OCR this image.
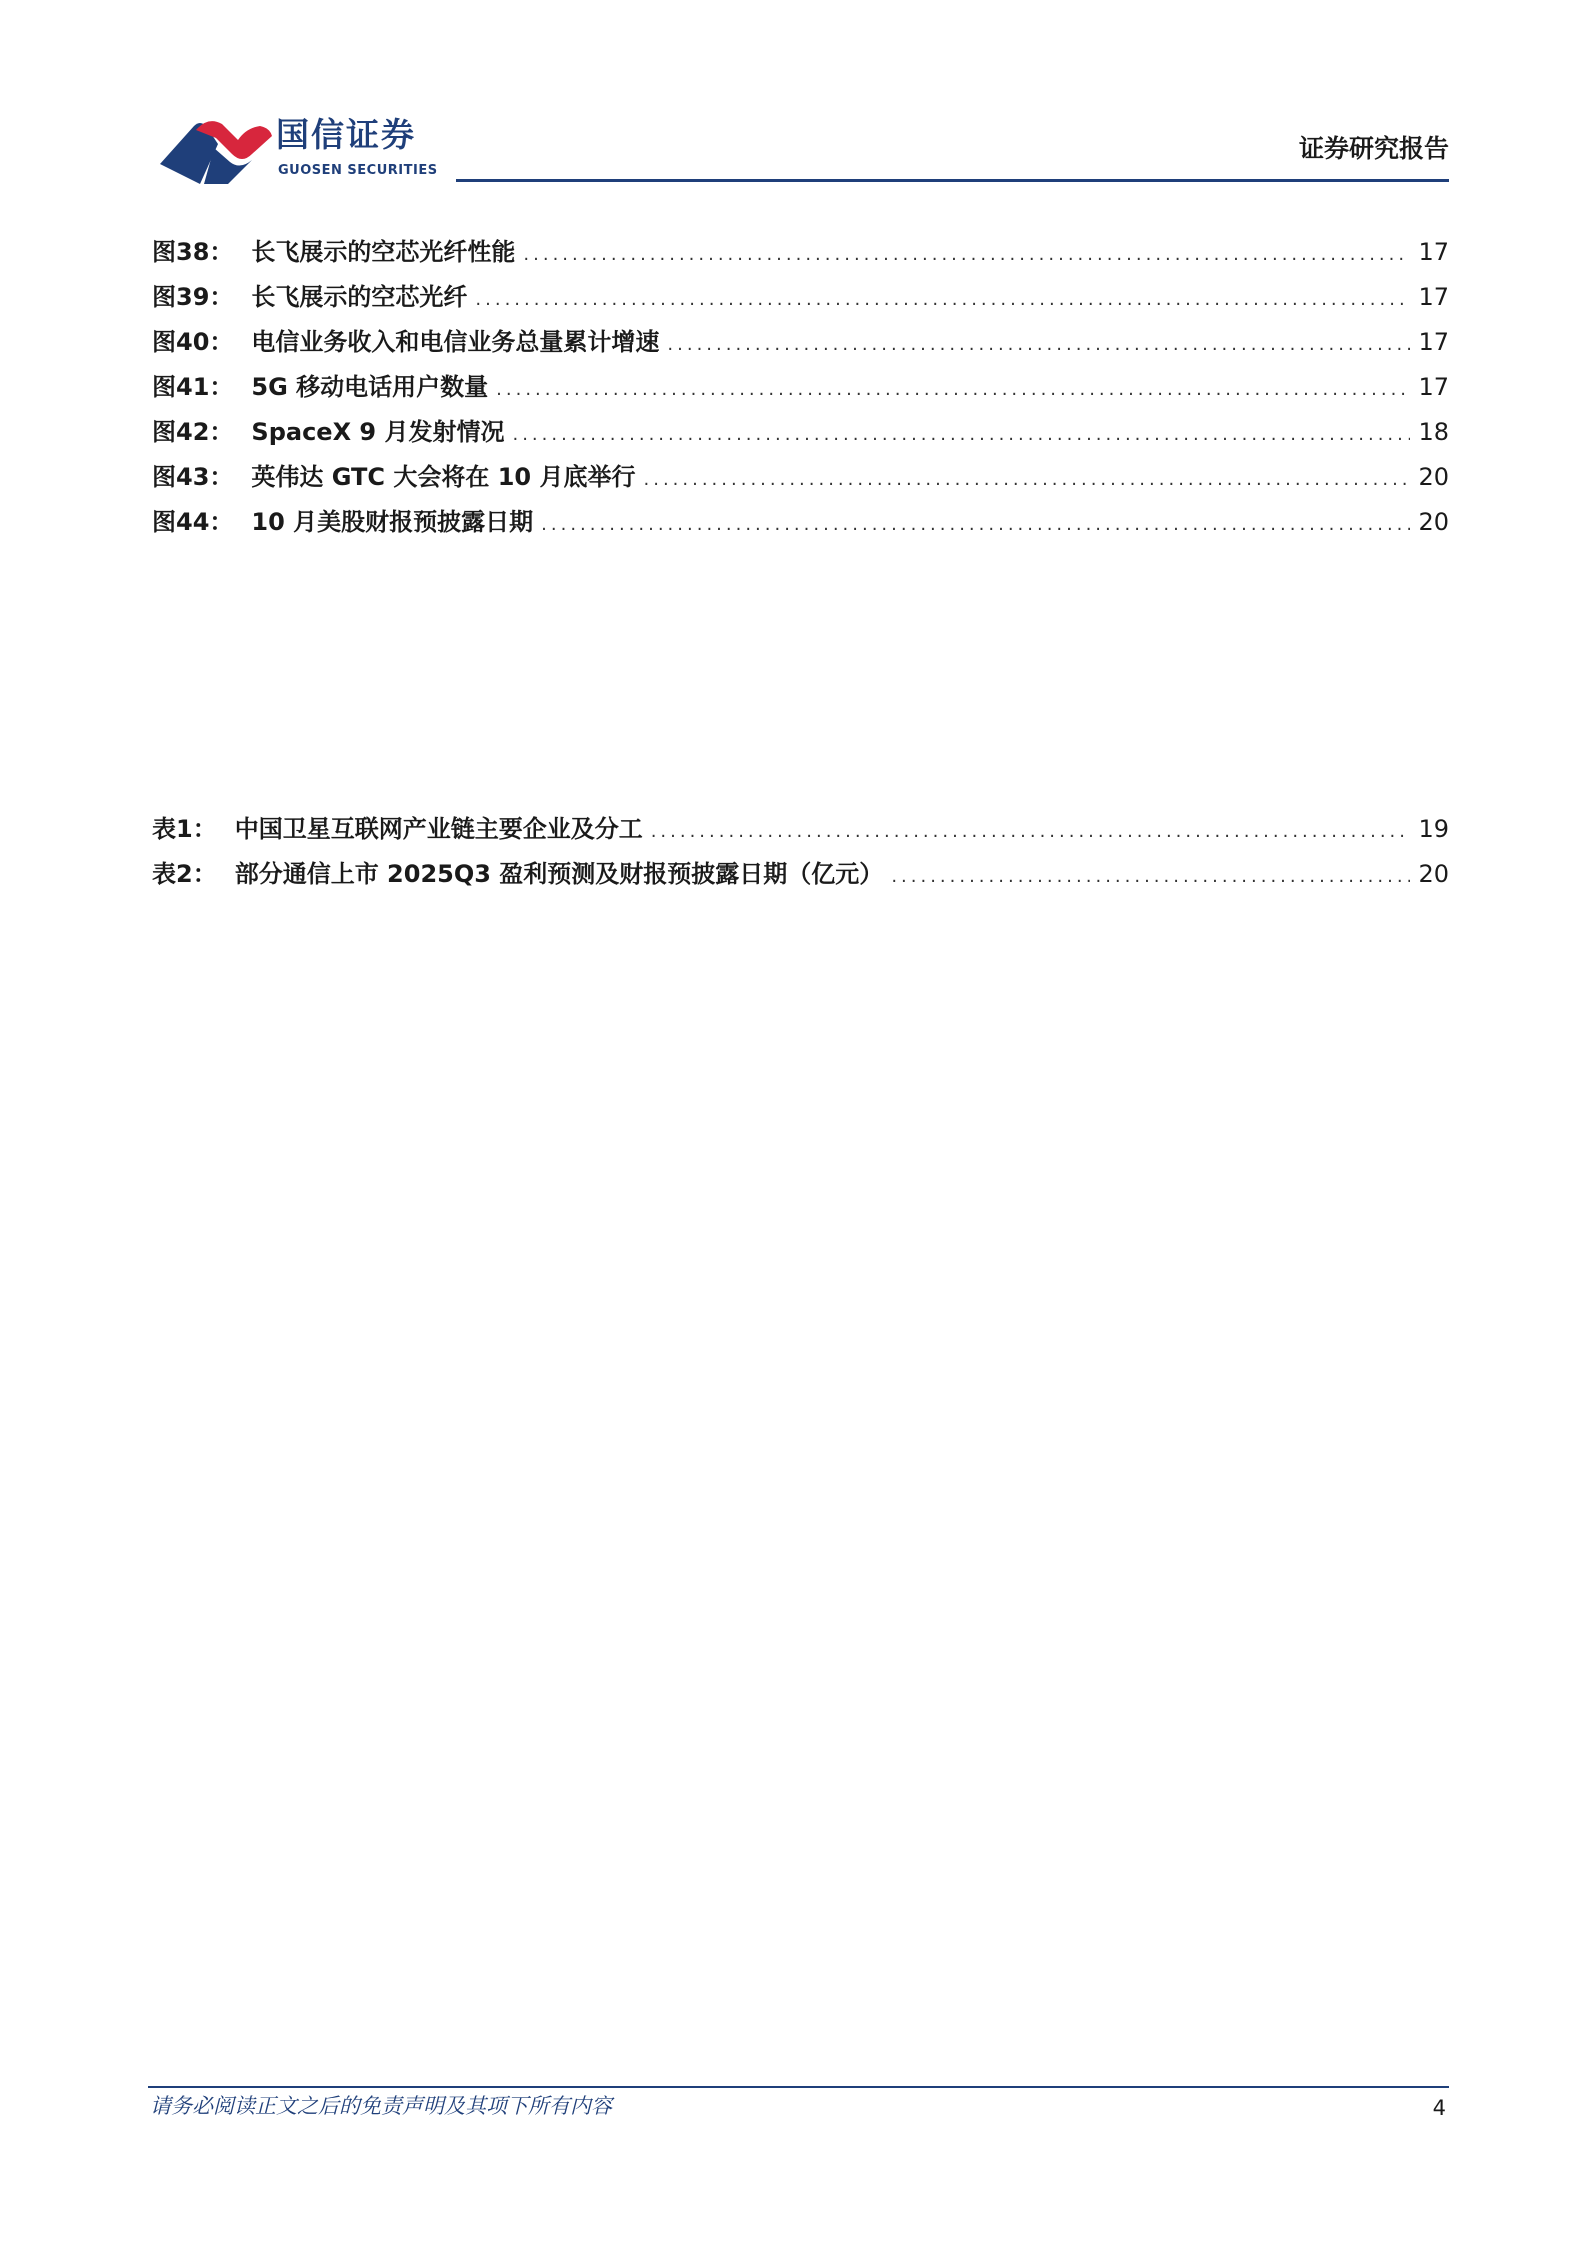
国信证券
GUOSEN SECURITIES
证券研究报告
图38： 长飞展示的空芯光纤性能 .....	17
图39： 长飞展示的空芯光纤 .....	17
图40： 电信业务收入和电信业务总量累计增速 .....	17
图41： 5G 移动电话用户数量 .....	17
图42： SpaceX 9 月发射情况 .....	18
图43： 英伟达 GTC 大会将在 10 月底举行 .....	20
图44： 10 月美股财报预披露日期 .....	20
表1： 中国卫星互联网产业链主要企业及分工 .....	19
表2： 部分通信上市 2025Q3 盈利预测及财报预披露日期（亿元） .....	20
请务必阅读正文之后的免责声明及其项下所有内容	4
